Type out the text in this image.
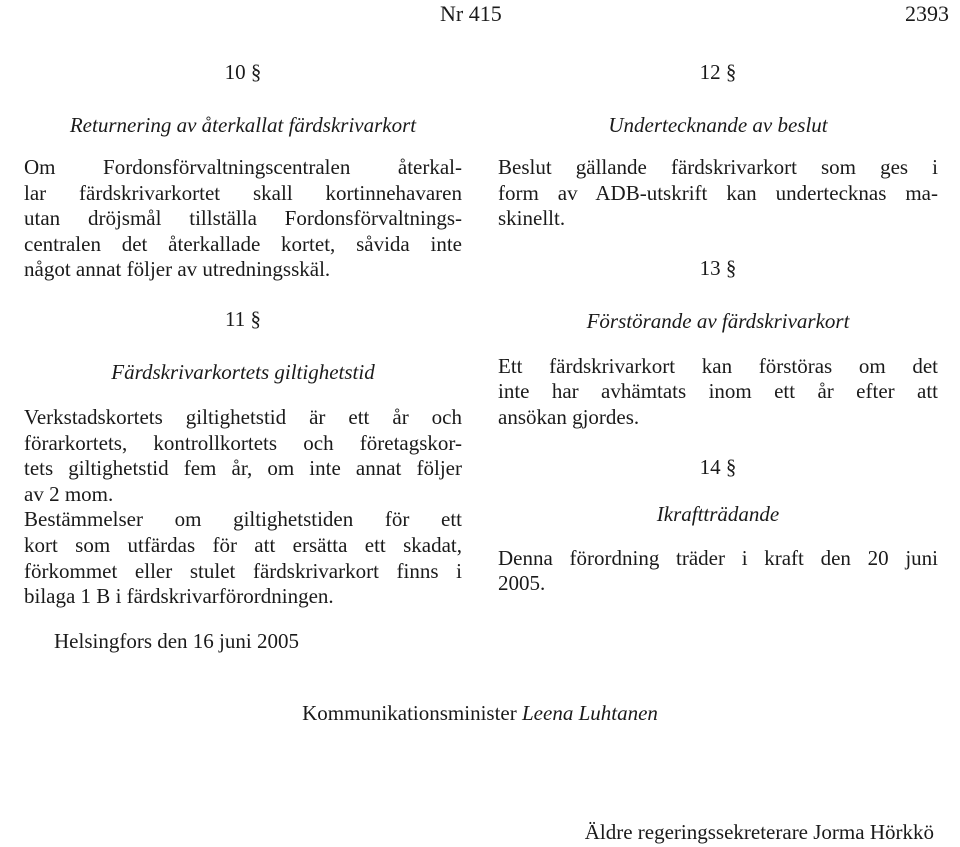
Nr 415	2393
10 §
Returnering av återkallat färdskrivarkort
Om Fordonsförvaltningscentralen återkal-
lar färdskrivarkortet skall kortinnehavaren
utan dröjsmål tillställa Fordonsförvaltnings-
centralen det återkallade kortet, såvida inte
något annat följer av utredningsskäl.
11 §
Färdskrivarkortets giltighetstid
Verkstadskortets giltighetstid är ett år och
förarkortets, kontrollkortets och företagskor-
tets giltighetstid fem år, om inte annat följer
av 2 mom.
Bestämmelser om giltighetstiden för ett
kort som utfärdas för att ersätta ett skadat,
förkommet eller stulet färdskrivarkort finns i
bilaga 1 B i färdskrivarförordningen.
12 §
Undertecknande av beslut
Beslut gällande färdskrivarkort som ges i
form av ADB-utskrift kan undertecknas ma-
skinellt.
13 §
Förstörande av färdskrivarkort
Ett färdskrivarkort kan förstöras om det
inte har avhämtats inom ett år efter att
ansökan gjordes.
14 §
Ikraftträdande
Denna förordning träder i kraft den 20 juni
2005.
Helsingfors den 16 juni 2005
Kommunikationsminister Leena Luhtanen
Äldre regeringssekreterare Jorma Hörkkö
